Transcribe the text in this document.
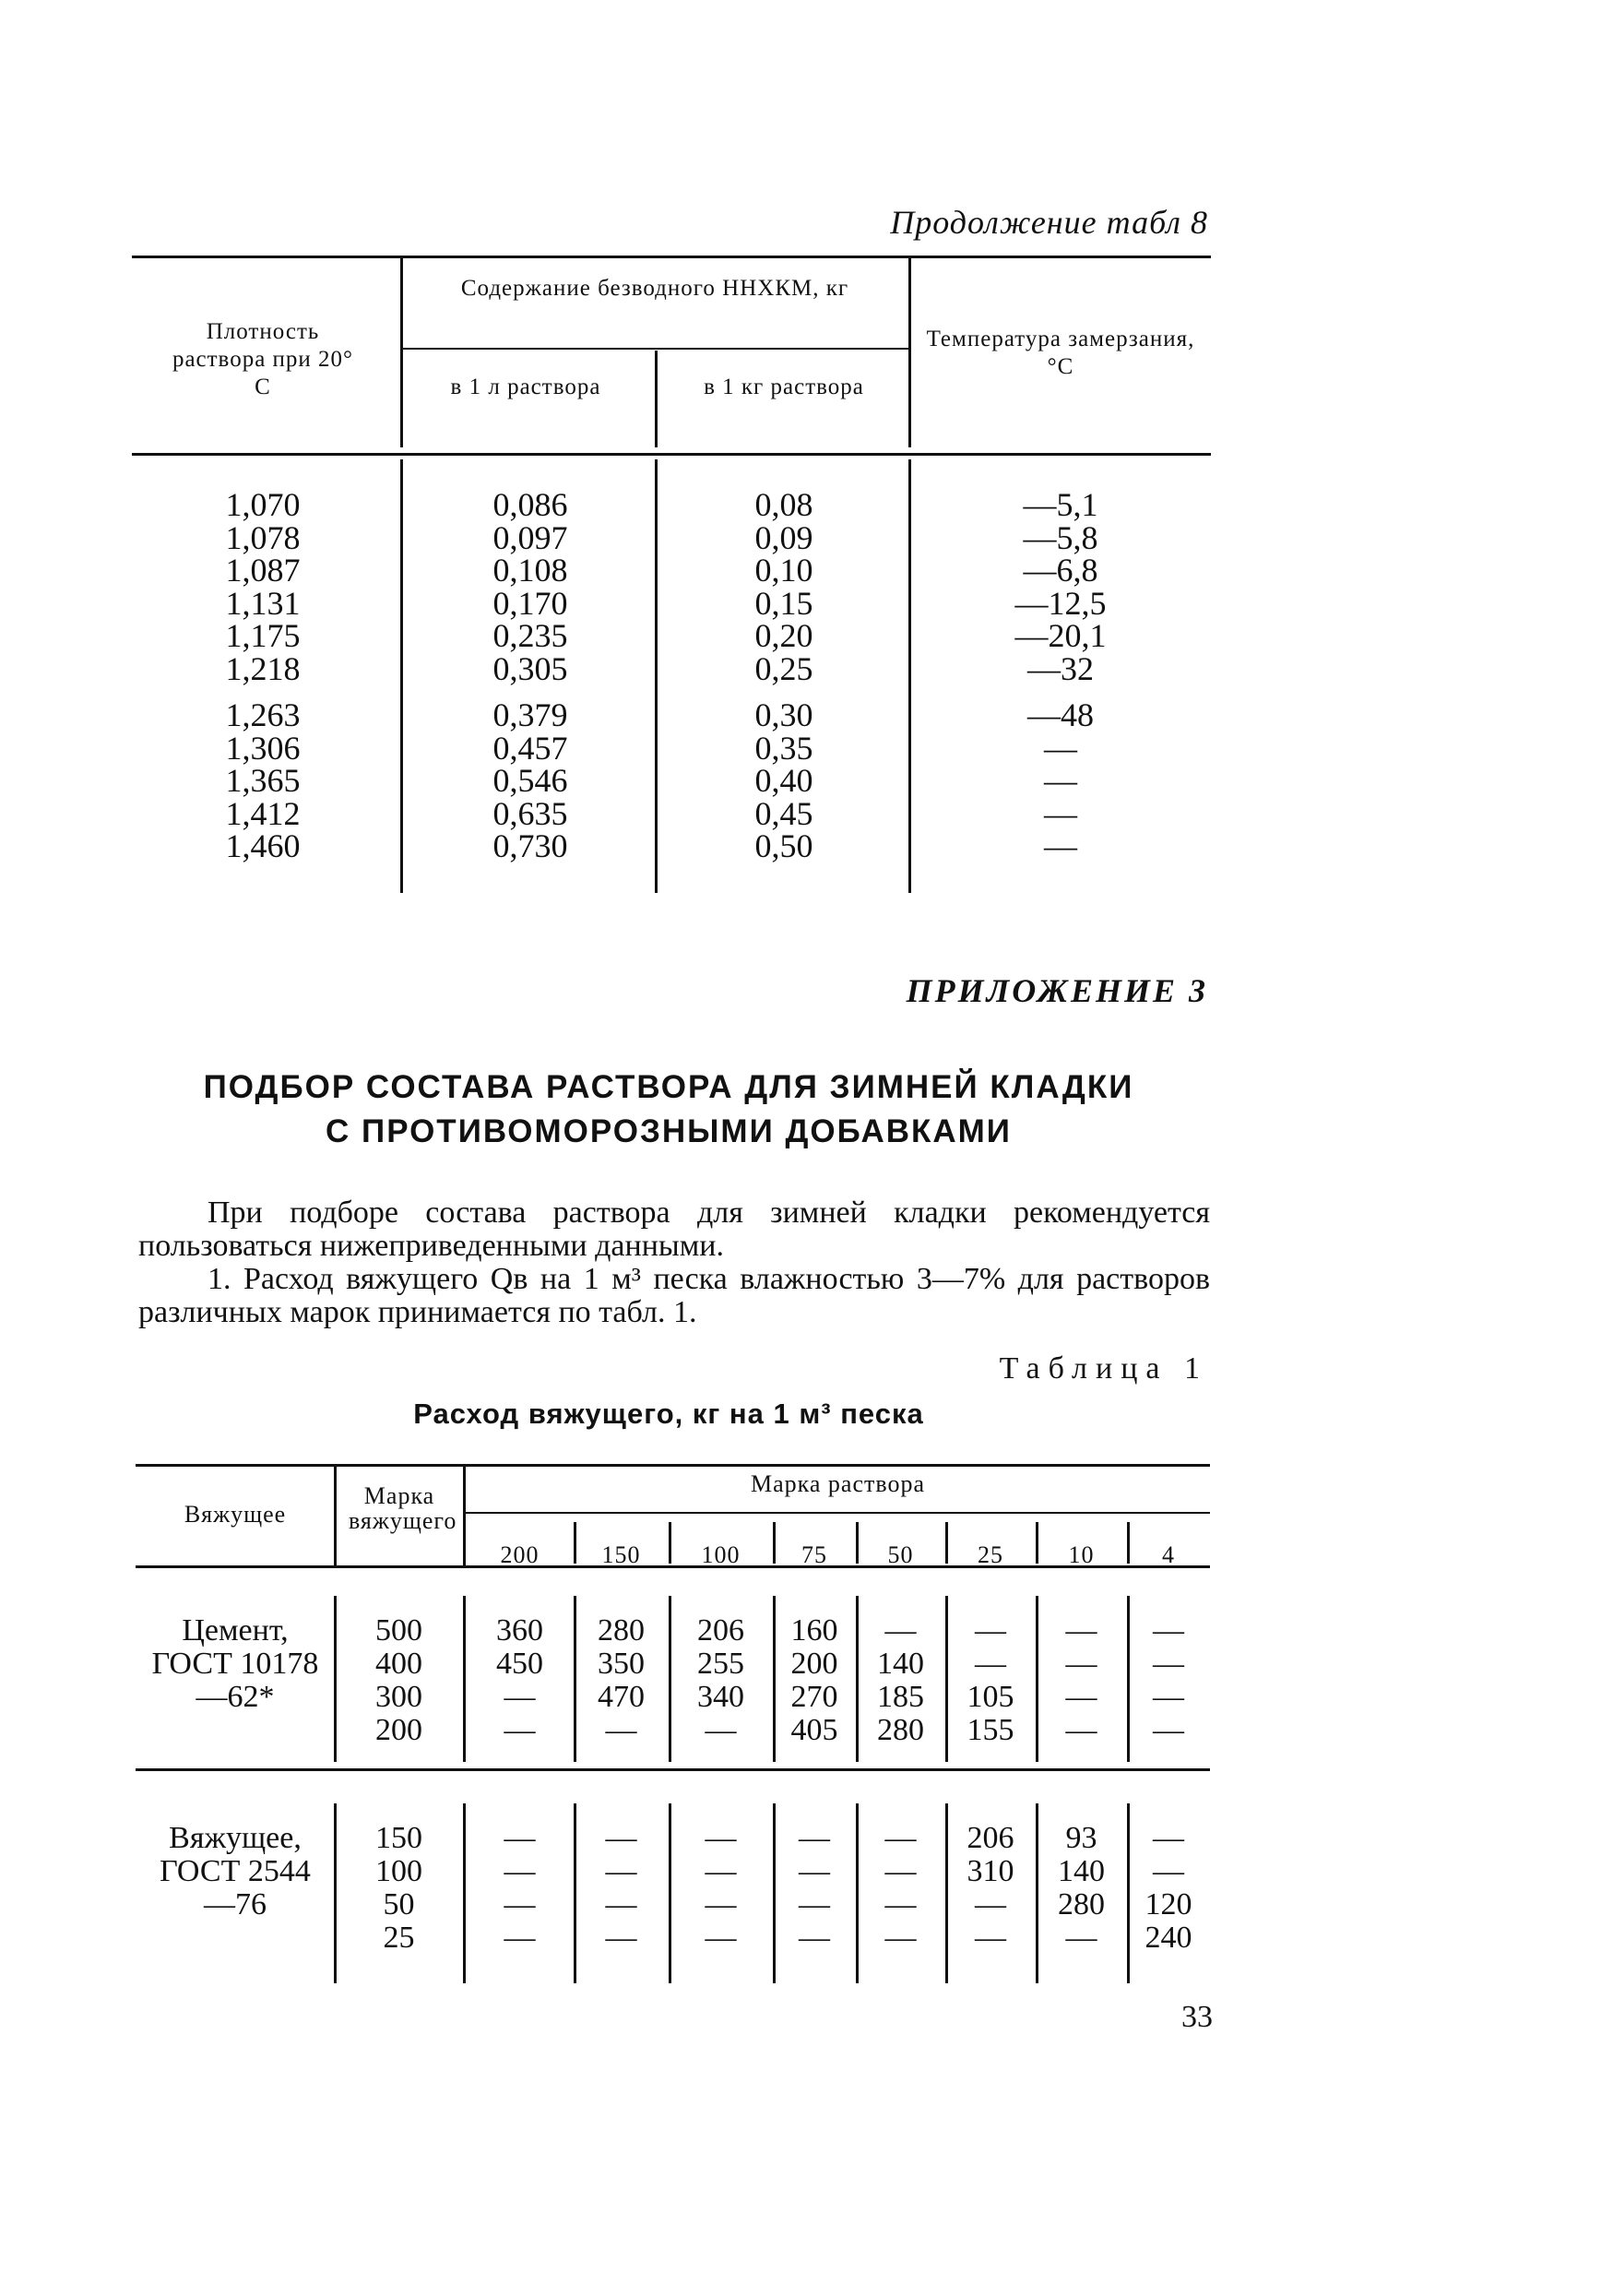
Продолжение табл 8
Плотность раствора при 20° С
Содержание безводного ННХКМ, кг
в 1 л раствора	в 1 кг раствора
Температура замерзания, °С
1,070	0,086	0,08	—5,1
1,078	0,097	0,09	—5,8
1,087	0,108	0,10	—6,8
1,131	0,170	0,15	—12,5
1,175	0,235	0,20	—20,1
1,218	0,305	0,25	—32
1,263	0,379	0,30	—48
1,306	0,457	0,35	—
1,365	0,546	0,40	—
1,412	0,635	0,45	—
1,460	0,730	0,50	—
ПРИЛОЖЕНИЕ 3
ПОДБОР СОСТАВА РАСТВОРА ДЛЯ ЗИМНЕЙ КЛАДКИ
С ПРОТИВОМОРОЗНЫМИ ДОБАВКАМИ
При подборе состава раствора для зимней кладки рекомендуется пользоваться нижеприведенными данными.
1. Расход вяжущего Qв на 1 м³ песка влажностью 3—7% для растворов различных марок принимается по табл. 1.
Таблица 1
Расход вяжущего, кг на 1 м³ песка
Вяжущее
Марка вяжущего
Марка раствора
200	150	100	75	50	25	10	4
Цемент, ГОСТ 10178—62*
500	360	280	206	160	—	—	—	—
400	450	350	255	200	140	—	—	—
300	—	470	340	270	185	105	—	—
200	—	—	—	405	280	155	—	—
Вяжущее, ГОСТ 2544—76
150	—	—	—	—	—	206	93	—
100	—	—	—	—	—	310	140	—
50	—	—	—	—	—	—	280	120
25	—	—	—	—	—	—	—	240
33
